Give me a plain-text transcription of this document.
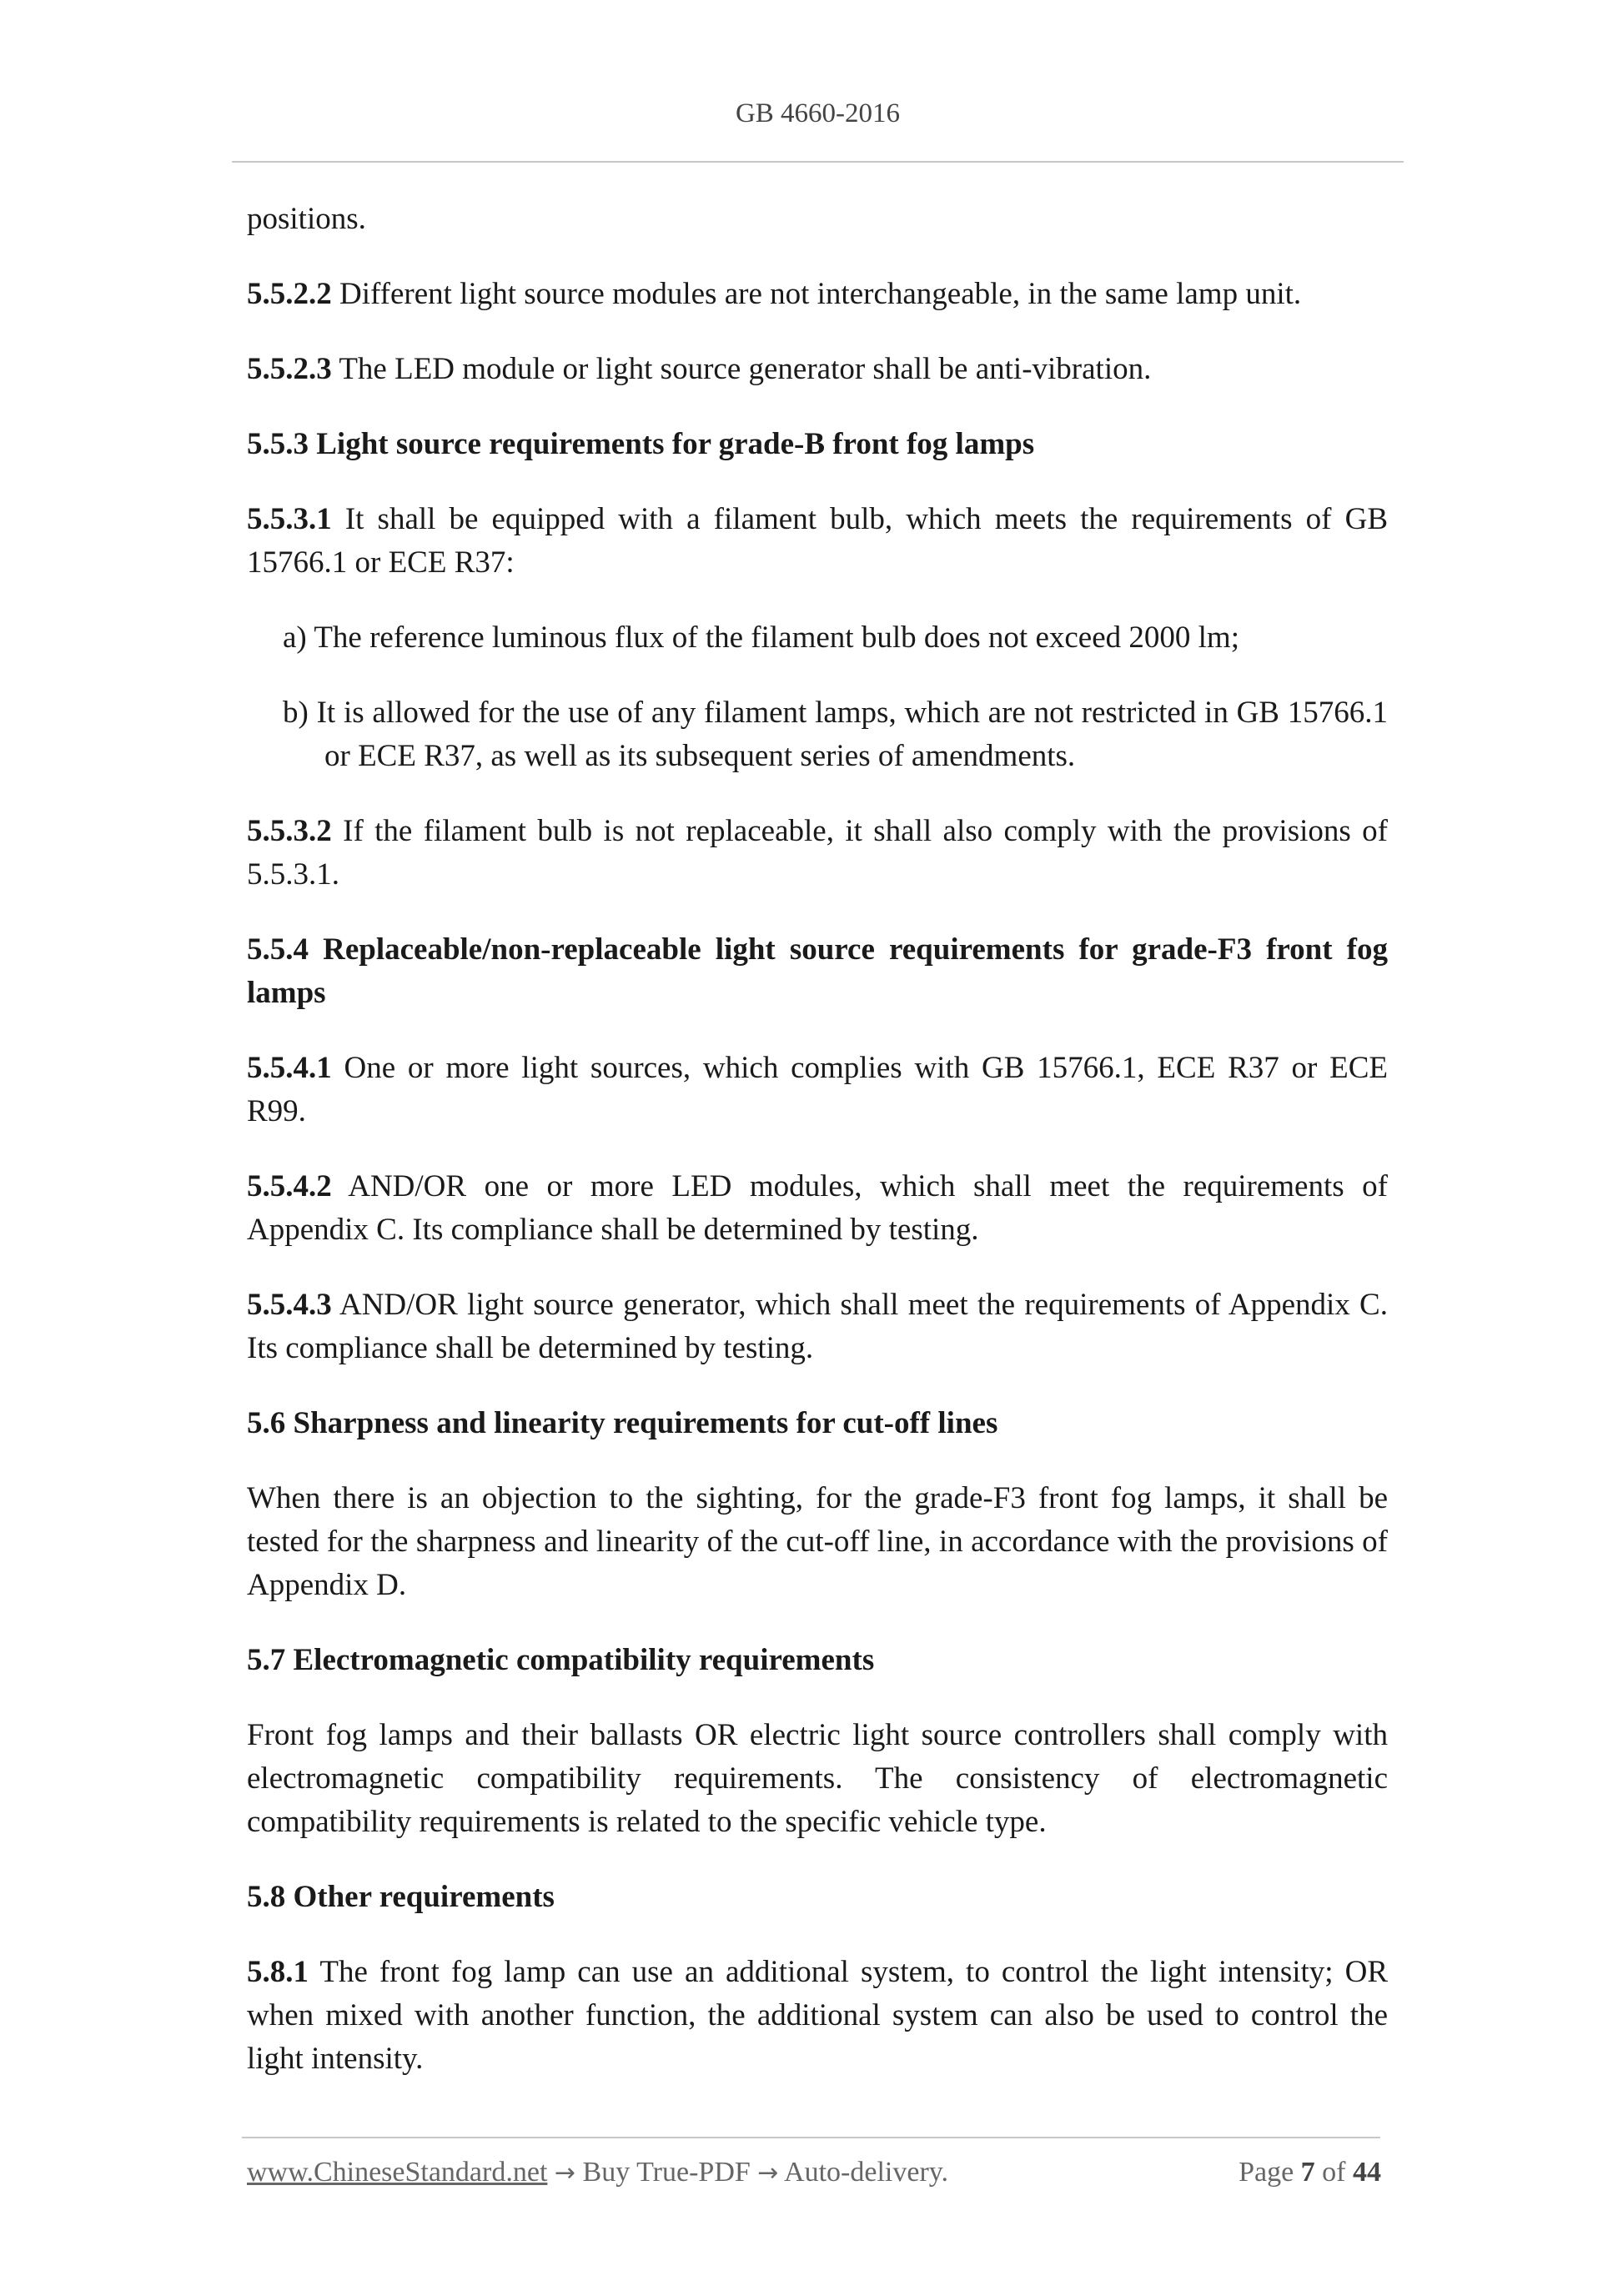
GB 4660-2016

positions.

5.5.2.2 Different light source modules are not interchangeable, in the same lamp unit.

5.5.2.3 The LED module or light source generator shall be anti-vibration.

5.5.3 Light source requirements for grade-B front fog lamps

5.5.3.1 It shall be equipped with a filament bulb, which meets the requirements of GB 15766.1 or ECE R37:

a) The reference luminous flux of the filament bulb does not exceed 2000 lm;

b) It is allowed for the use of any filament lamps, which are not restricted in GB 15766.1 or ECE R37, as well as its subsequent series of amendments.

5.5.3.2 If the filament bulb is not replaceable, it shall also comply with the provisions of 5.5.3.1.

5.5.4 Replaceable/non-replaceable light source requirements for grade-F3 front fog lamps

5.5.4.1 One or more light sources, which complies with GB 15766.1, ECE R37 or ECE R99.

5.5.4.2 AND/OR one or more LED modules, which shall meet the requirements of Appendix C. Its compliance shall be determined by testing.

5.5.4.3 AND/OR light source generator, which shall meet the requirements of Appendix C. Its compliance shall be determined by testing.

5.6 Sharpness and linearity requirements for cut-off lines

When there is an objection to the sighting, for the grade-F3 front fog lamps, it shall be tested for the sharpness and linearity of the cut-off line, in accordance with the provisions of Appendix D.

5.7 Electromagnetic compatibility requirements

Front fog lamps and their ballasts OR electric light source controllers shall comply with electromagnetic compatibility requirements. The consistency of electromagnetic compatibility requirements is related to the specific vehicle type.

5.8 Other requirements

5.8.1 The front fog lamp can use an additional system, to control the light intensity; OR when mixed with another function, the additional system can also be used to control the light intensity.

www.ChineseStandard.net → Buy True-PDF → Auto-delivery.	Page 7 of 44
